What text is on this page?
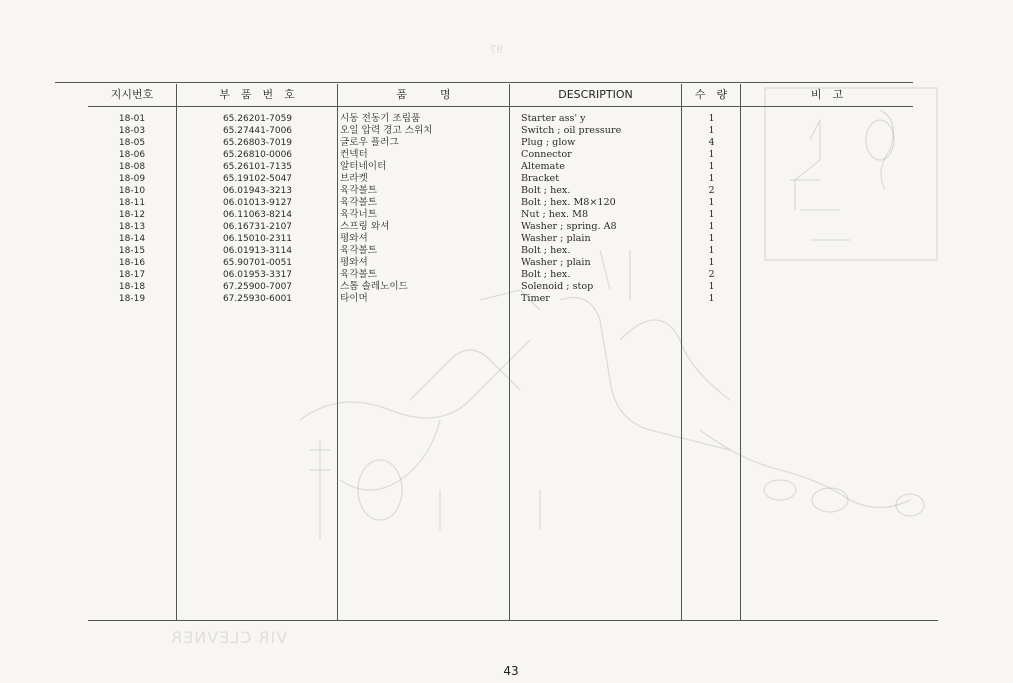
97
VIR CLEVNER
지시번호	부　품　번　호	품　　　명	DESCRIPTION	수　량	비　고
18-01	65.26201-7059	시동 전동기 조립품	Starter ass' y	1
18-03	65.27441-7006	오일 압력 경고 스위치	Switch ; oil pressure	1
18-05	65.26803-7019	글로우 플러그	Plug ; glow	4
18-06	65.26810-0006	컨넥터	Connector	1
18-08	65.26101-7135	알터네이터	Altemate	1
18-09	65.19102-5047	브라켓	Bracket	1
18-10	06.01943-3213	육각볼트	Bolt ; hex.	2
18-11	06.01013-9127	육각볼트	Bolt ; hex. M8×120	1
18-12	06.11063-8214	육각너트	Nut ; hex. M8	1
18-13	06.16731-2107	스프링 와셔	Washer ; spring. A8	1
18-14	06.15010-2311	평와셔	Washer ; plain	1
18-15	06.01913-3114	육각볼트	Bolt ; hex.	1
18-16	65.90701-0051	평와셔	Washer ; plain	1
18-17	06.01953-3317	육각볼트	Bolt ; hex.	2
18-18	67.25900-7007	스톱 솔레노이드	Solenoid ; stop	1
18-19	67.25930-6001	타이머	Timer	1
43
